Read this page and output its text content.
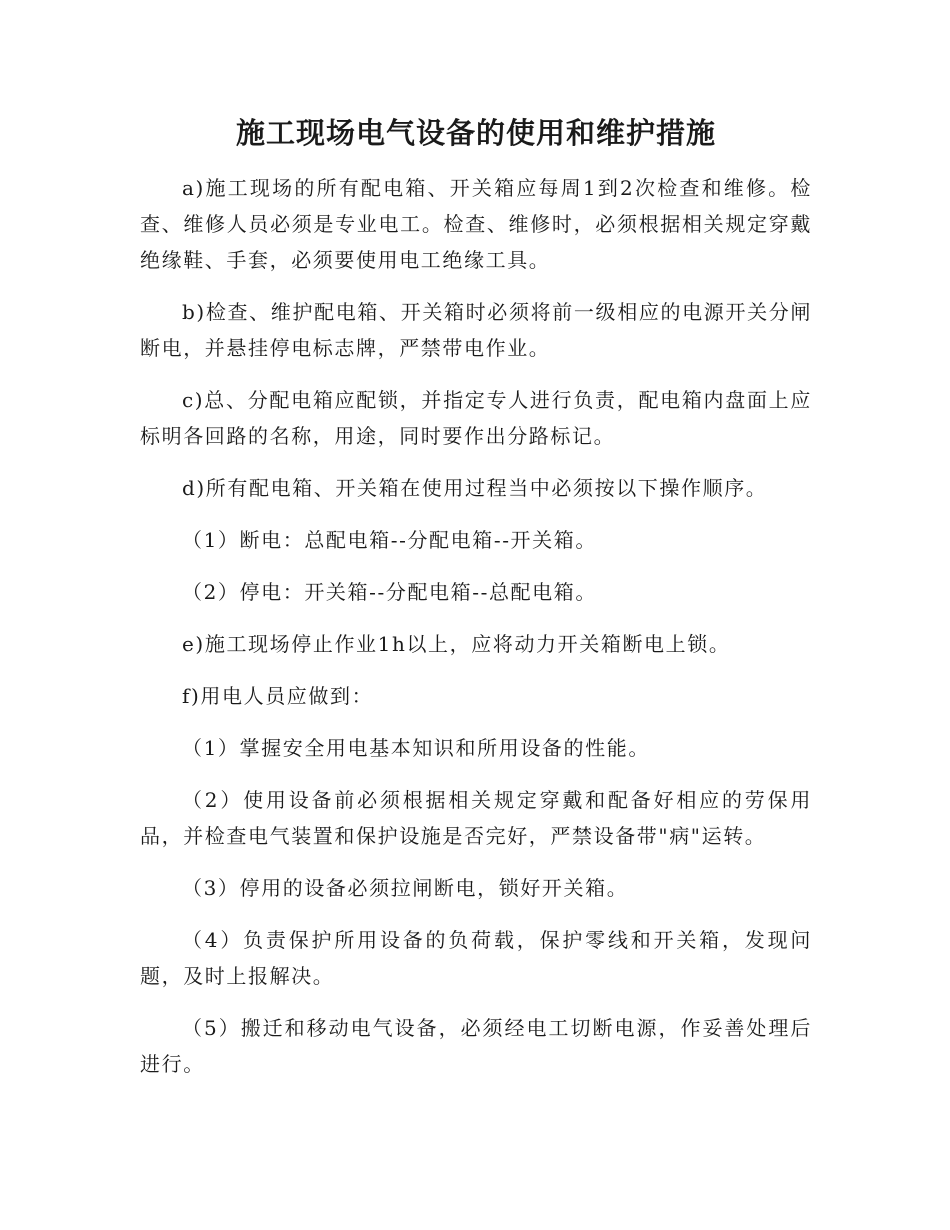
施工现场电气设备的使用和维护措施

a)施工现场的所有配电箱、开关箱应每周1到2次检查和维修。检查、维修人员必须是专业电工。检查、维修时，必须根据相关规定穿戴绝缘鞋、手套，必须要使用电工绝缘工具。

b)检查、维护配电箱、开关箱时必须将前一级相应的电源开关分闸断电，并悬挂停电标志牌，严禁带电作业。

c)总、分配电箱应配锁，并指定专人进行负责，配电箱内盘面上应标明各回路的名称，用途，同时要作出分路标记。

d)所有配电箱、开关箱在使用过程当中必须按以下操作顺序。

（1）断电：总配电箱--分配电箱--开关箱。

（2）停电：开关箱--分配电箱--总配电箱。

e)施工现场停止作业1h以上，应将动力开关箱断电上锁。

f)用电人员应做到：

（1）掌握安全用电基本知识和所用设备的性能。

（2）使用设备前必须根据相关规定穿戴和配备好相应的劳保用品，并检查电气装置和保护设施是否完好，严禁设备带"病"运转。

（3）停用的设备必须拉闸断电，锁好开关箱。

（4）负责保护所用设备的负荷载，保护零线和开关箱，发现问题，及时上报解决。

（5）搬迁和移动电气设备，必须经电工切断电源，作妥善处理后进行。
